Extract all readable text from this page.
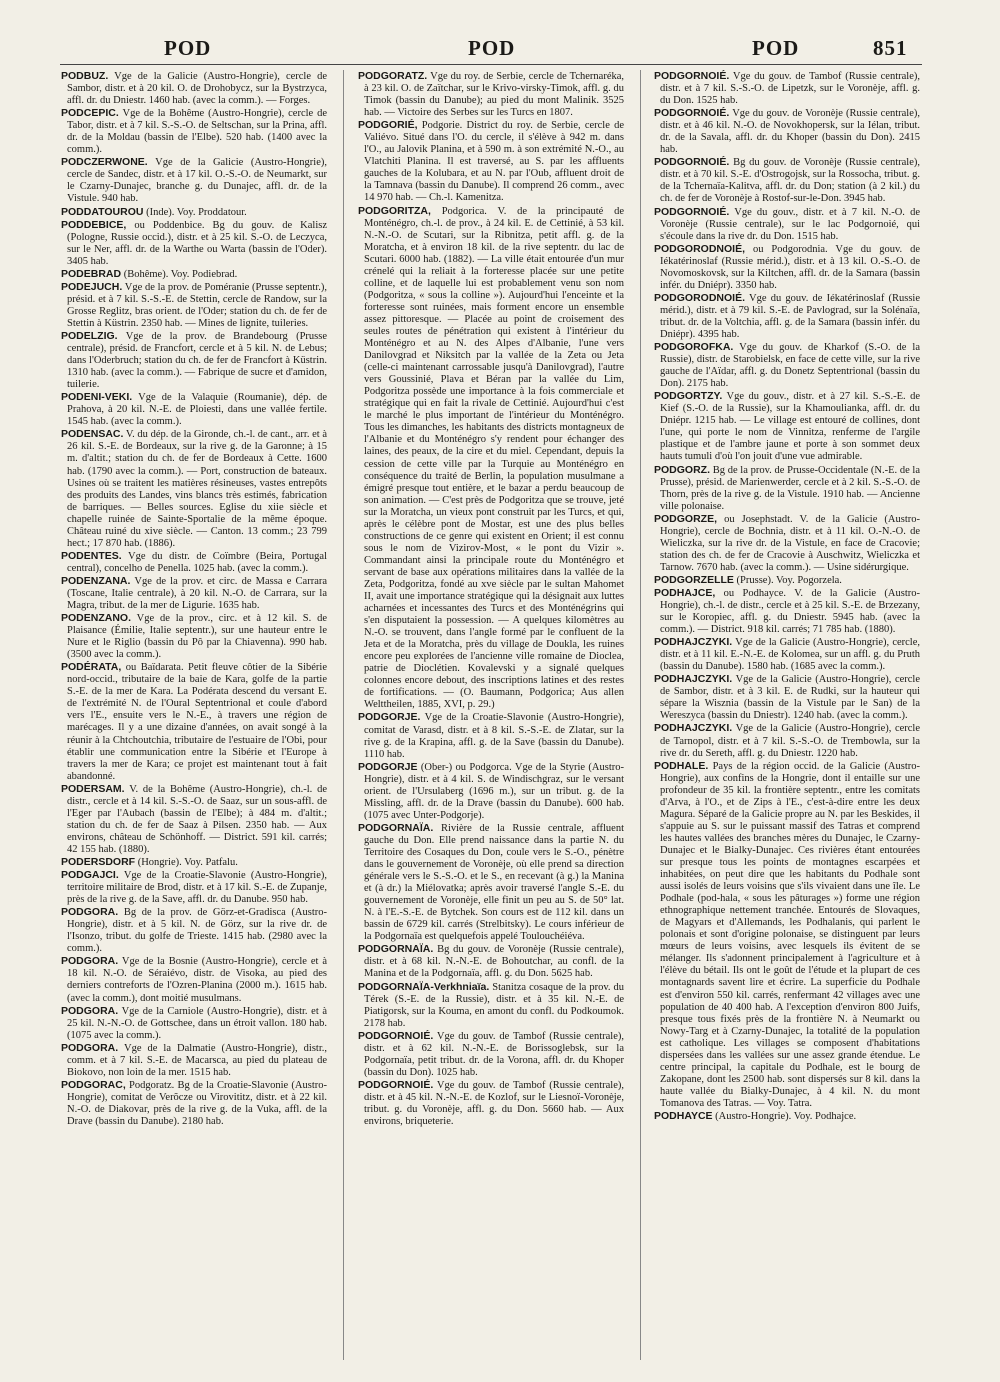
POD	POD	POD	851

PODBUZ. Vge de la Galicie (Austro-Hongrie), cercle de Sambor, distr. et à 20 kil. O. de Drohobycz, sur la Bystrzyca, affl. dr. du Dniestr. 1460 hab. (avec la comm.). — Forges.

PODCEPIC. Vge de la Bohême (Austro-Hongrie), cercle de Tabor, distr. et à 7 kil. S.-S.-O. de Seltschan, sur la Prina, affl. dr. de la Moldau (bassin de l'Elbe). 520 hab. (1400 avec la comm.).

PODCZERWONE. Vge de la Galicie (Austro-Hongrie), cercle de Sandec, distr. et à 17 kil. O.-S.-O. de Neumarkt, sur le Czarny-Dunajec, branche g. du Dunajec, affl. dr. de la Vistule. 940 hab.

PODDATOUROU (Inde). Voy. Proddatour.

PODDEBICE, ou Poddenbice. Bg du gouv. de Kalisz (Pologne, Russie occid.), distr. et à 25 kil. S.-O. de Leczyca, sur le Ner, affl. dr. de la Warthe ou Warta (bassin de l'Oder). 3405 hab.

PODEBRAD (Bohême). Voy. Podiebrad.

PODEJUCH. Vge de la prov. de Poméranie (Prusse septentr.), présid. et à 7 kil. S.-S.-E. de Stettin, cercle de Randow, sur la Grosse Reglitz, bras orient. de l'Oder; station du ch. de fer de Stettin à Küstrin. 2350 hab. — Mines de lignite, tuileries.

PODELZIG. Vge de la prov. de Brandebourg (Prusse centrale), présid. de Francfort, cercle et à 5 kil. N. de Lebus; dans l'Oderbruch; station du ch. de fer de Francfort à Küstrin. 1310 hab. (avec la comm.). — Fabrique de sucre et d'amidon, tuilerie.

PODENI-VEKI. Vge de la Valaquie (Roumanie), dép. de Prahova, à 20 kil. N.-E. de Ploiesti, dans une vallée fertile. 1545 hab. (avec la comm.).

PODENSAC. V. du dép. de la Gironde, ch.-l. de cant., arr. et à 26 kil. S.-E. de Bordeaux, sur la rive g. de la Garonne; à 15 m. d'altit.; station du ch. de fer de Bordeaux à Cette. 1600 hab. (1790 avec la comm.). — Port, construction de bateaux. Usines où se traitent les matières résineuses, vastes entrepôts des produits des Landes, vins blancs très estimés, fabrication de barriques. — Belles sources. Eglise du xiie siècle et chapelle ruinée de Sainte-Sportalie de la même époque. Château ruiné du xive siècle. — Canton. 13 comm.; 23 799 hect.; 17 870 hab. (1886).

PODENTES. Vge du distr. de Coïmbre (Beira, Portugal central), concelho de Penella. 1025 hab. (avec la comm.).

PODENZANA. Vge de la prov. et circ. de Massa e Carrara (Toscane, Italie centrale), à 20 kil. N.-O. de Carrara, sur la Magra, tribut. de la mer de Ligurie. 1635 hab.

PODENZANO. Vge de la prov., circ. et à 12 kil. S. de Plaisance (Émilie, Italie septentr.), sur une hauteur entre le Nure et le Riglio (bassin du Pô par la Chiavenna). 990 hab. (3500 avec la comm.).

PODÉRATA, ou Baïdarata. Petit fleuve côtier de la Sibérie nord-occid., tributaire de la baie de Kara, golfe de la partie S.-E. de la mer de Kara. La Podérata descend du versant E. de l'extrémité N. de l'Oural Septentrional et coule d'abord vers l'E., ensuite vers le N.-E., à travers une région de marécages. Il y a une dizaine d'années, on avait songé à la réunir à la Chtchoutchia, tributaire de l'estuaire de l'Obi, pour établir une communication entre la Sibérie et l'Europe à travers la mer de Kara; ce projet est maintenant tout à fait abandonné.

PODERSAM. V. de la Bohême (Austro-Hongrie), ch.-l. de distr., cercle et à 14 kil. S.-S.-O. de Saaz, sur un sous-affl. de l'Eger par l'Aubach (bassin de l'Elbe); à 484 m. d'altit.; station du ch. de fer de Saaz à Pilsen. 2350 hab. — Aux environs, château de Schönhoff. — District. 591 kil. carrés; 42 155 hab. (1880).

PODERSDORF (Hongrie). Voy. Patfalu.

PODGAJCI. Vge de la Croatie-Slavonie (Austro-Hongrie), territoire militaire de Brod, distr. et à 17 kil. S.-E. de Zupanje, près de la rive g. de la Save, affl. dr. du Danube. 950 hab.

PODGORA. Bg de la prov. de Görz-et-Gradisca (Austro-Hongrie), distr. et à 5 kil. N. de Görz, sur la rive dr. de l'Isonzo, tribut. du golfe de Trieste. 1415 hab. (2980 avec la comm.).

PODGORA. Vge de la Bosnie (Austro-Hongrie), cercle et à 18 kil. N.-O. de Séraiévo, distr. de Visoka, au pied des derniers contreforts de l'Ozren-Planina (2000 m.). 1615 hab. (avec la comm.), dont moitié musulmans.

PODGORA. Vge de la Carniole (Austro-Hongrie), distr. et à 25 kil. N.-N.-O. de Gottschee, dans un étroit vallon. 180 hab. (1075 avec la comm.).

PODGORA. Vge de la Dalmatie (Austro-Hongrie), distr., comm. et à 7 kil. S.-E. de Macarsca, au pied du plateau de Biokovo, non loin de la mer. 1515 hab.

PODGORAC, Podgoratz. Bg de la Croatie-Slavonie (Austro-Hongrie), comitat de Verõcze ou Virovititz, distr. et à 22 kil. N.-O. de Diakovar, près de la rive g. de la Vuka, affl. de la Drave (bassin du Danube). 2180 hab.

PODGORATZ. Vge du roy. de Serbie, cercle de Tchernaréka, à 23 kil. O. de Zaïtchar, sur le Krivo-virsky-Timok, affl. g. du Timok (bassin du Danube); au pied du mont Malinik. 3525 hab. — Victoire des Serbes sur les Turcs en 1807.

PODGORIÉ, Podgorie. District du roy. de Serbie, cercle de Valiévo. Situé dans l'O. du cercle, il s'élève à 942 m. dans l'O., au Jalovik Planina, et à 590 m. à son extrémité N.-O., au Vlatchiti Planina. Il est traversé, au S. par les affluents gauches de la Kolubara, et au N. par l'Oub, affluent droit de la Tamnava (bassin du Danube). Il comprend 26 comm., avec 14 970 hab. — Ch.-l. Kamenitza.

PODGORITZA, Podgorica. V. de la principauté de Monténégro, ch.-l. de prov., à 24 kil. E. de Cettinié, à 53 kil. N.-N.-O. de Scutari, sur la Ribnitza, petit affl. g. de la Moratcha, et à environ 18 kil. de la rive septentr. du lac de Scutari. 6000 hab. (1882). — La ville était entourée d'un mur crénelé qui la reliait à la forteresse placée sur une petite colline, et de laquelle lui est probablement venu son nom (Podgoritza, « sous la colline »). Aujourd'hui l'enceinte et la forteresse sont ruinées, mais forment encore un ensemble assez pittoresque. — Placée au point de croisement des seules routes de pénétration qui existent à l'intérieur du Monténégro et au N. des Alpes d'Albanie, l'une vers Danilovgrad et Niksitch par la vallée de la Zeta ou Jeta (celle-ci maintenant carrossable jusqu'à Danilovgrad), l'autre vers Goussinié, Plava et Béran par la vallée du Lim, Podgoritza possède une importance à la fois commerciale et stratégique qui en fait la rivale de Cettinié. Aujourd'hui c'est le marché le plus important de l'intérieur du Monténégro. Tous les dimanches, les habitants des districts montagneux de l'Albanie et du Monténégro s'y rendent pour échanger des laines, des peaux, de la cire et du miel. Cependant, depuis la cession de cette ville par la Turquie au Monténégro en conséquence du traité de Berlin, la population musulmane a émigré presque tout entière, et le bazar a perdu beaucoup de son animation. — C'est près de Podgoritza que se trouve, jeté sur la Moratcha, un vieux pont construit par les Turcs, et qui, après le célèbre pont de Mostar, est une des plus belles constructions de ce genre qui existent en Orient; il est connu sous le nom de Vizirov-Most, « le pont du Vizir ». Commandant ainsi la principale route du Monténégro et servant de base aux opérations militaires dans la vallée de la Zeta, Podgoritza, fondé au xve siècle par le sultan Mahomet II, avait une importance stratégique qui la désignait aux luttes acharnées et incessantes des Turcs et des Monténégrins qui s'en disputaient la possession. — A quelques kilomètres au N.-O. se trouvent, dans l'angle formé par le confluent de la Jeta et de la Moratcha, près du village de Doukla, les ruines encore peu explorées de l'ancienne ville romaine de Dioclea, patrie de Dioclétien. Kovalevski y a signalé quelques colonnes encore debout, des inscriptions latines et des restes de fortifications. — (O. Baumann, Podgorica; Aus allen Welttheilen, 1885, XVI, p. 29.)

PODGORJE. Vge de la Croatie-Slavonie (Austro-Hongrie), comitat de Varasd, distr. et à 8 kil. S.-S.-E. de Zlatar, sur la rive g. de la Krapina, affl. g. de la Save (bassin du Danube). 1110 hab.

PODGORJE (Ober-) ou Podgorca. Vge de la Styrie (Austro-Hongrie), distr. et à 4 kil. S. de Windischgraz, sur le versant orient. de l'Ursulaberg (1696 m.), sur un tribut. g. de la Missling, affl. dr. de la Drave (bassin du Danube). 600 hab. (1075 avec Unter-Podgorje).

PODGORNAÏA. Rivière de la Russie centrale, affluent gauche du Don. Elle prend naissance dans la partie N. du Territoire des Cosaques du Don, coule vers le S.-O., pénètre dans le gouvernement de Voronèje, où elle prend sa direction générale vers le S.-S.-O. et le S., en recevant (à g.) la Manina et (à dr.) la Miélovatka; après avoir traversé l'angle S.-E. du gouvernement de Voronèje, elle finit un peu au S. de 50° lat. N. à l'E.-S.-E. de Bytchek. Son cours est de 112 kil. dans un bassin de 6729 kil. carrés (Strelbitsky). Le cours inférieur de la Podgornaïa est quelquefois appelé Toulouchéiéva.

PODGORNAÏA. Bg du gouv. de Voronèje (Russie centrale), distr. et à 68 kil. N.-N.-E. de Bohoutchar, au confl. de la Manina et de la Podgornaïa, affl. g. du Don. 5625 hab.

PODGORNAÏA-Verkhniaïa. Stanitza cosaque de la prov. du Térek (S.-E. de la Russie), distr. et à 35 kil. N.-E. de Piatigorsk, sur la Kouma, en amont du confl. du Podkoumok. 2178 hab.

PODGORNOIÉ. Vge du gouv. de Tambof (Russie centrale), distr. et à 62 kil. N.-N.-E. de Borissoglebsk, sur la Podgornaïa, petit tribut. dr. de la Vorona, affl. dr. du Khoper (bassin du Don). 1025 hab.

PODGORNOIÉ. Vge du gouv. de Tambof (Russie centrale), distr. et à 45 kil. N.-N.-E. de Kozlof, sur le Liesnoï-Voronèje, tribut. g. du Voronèje, affl. g. du Don. 5660 hab. — Aux environs, briqueterie.

PODGORNOIÉ. Vge du gouv. de Tambof (Russie centrale), distr. et à 7 kil. S.-S.-O. de Lipetzk, sur le Voronèje, affl. g. du Don. 1525 hab.

PODGORNOIÉ. Vge du gouv. de Voronèje (Russie centrale), distr. et à 46 kil. N.-O. de Novokhopersk, sur la Iélan, tribut. dr. de la Savala, affl. dr. du Khoper (bassin du Don). 2415 hab.

PODGORNOIÉ. Bg du gouv. de Voronèje (Russie centrale), distr. et à 70 kil. S.-E. d'Ostrogojsk, sur la Rossocha, tribut. g. de la Tchernaïa-Kalitva, affl. dr. du Don; station (à 2 kil.) du ch. de fer de Voronèje à Rostof-sur-le-Don. 3945 hab.

PODGORNOIÉ. Vge du gouv., distr. et à 7 kil. N.-O. de Voronèje (Russie centrale), sur le lac Podgornoié, qui s'écoule dans la rive dr. du Don. 1515 hab.

PODGORODNOIÉ, ou Podgorodnia. Vge du gouv. de Iékatérinoslaf (Russie mérid.), distr. et à 13 kil. O.-S.-O. de Novomoskovsk, sur la Kiltchen, affl. dr. de la Samara (bassin infér. du Dniépr). 3350 hab.

PODGORODNOIÉ. Vge du gouv. de Iékatérinoslaf (Russie mérid.), distr. et à 79 kil. S.-E. de Pavlograd, sur la Solénaïa, tribut. dr. de la Voltchia, affl. g. de la Samara (bassin infér. du Dniépr). 4395 hab.

PODGOROFKA. Vge du gouv. de Kharkof (S.-O. de la Russie), distr. de Starobielsk, en face de cette ville, sur la rive gauche de l'Aïdar, affl. g. du Donetz Septentrional (bassin du Don). 2175 hab.

PODGORTZY. Vge du gouv., distr. et à 27 kil. S.-S.-E. de Kief (S.-O. de la Russie), sur la Khamoulianka, affl. dr. du Dniépr. 1215 hab. — Le village est entouré de collines, dont l'une, qui porte le nom de Vinnitza, renferme de l'argile plastique et de l'ambre jaune et porte à son sommet deux hauts tumuli d'où l'on jouit d'une vue admirable.

PODGORZ. Bg de la prov. de Prusse-Occidentale (N.-E. de la Prusse), présid. de Marienwerder, cercle et à 2 kil. S.-S.-O. de Thorn, près de la rive g. de la Vistule. 1910 hab. — Ancienne ville polonaise.

PODGORZE, ou Josephstadt. V. de la Galicie (Austro-Hongrie), cercle de Bochnia, distr. et à 11 kil. O.-N.-O. de Wieliczka, sur la rive dr. de la Vistule, en face de Cracovie; station des ch. de fer de Cracovie à Auschwitz, Wieliczka et Tarnow. 7670 hab. (avec la comm.). — Usine sidérurgique.

PODGORZELLE (Prusse). Voy. Pogorzela.

PODHAJCE, ou Podhayce. V. de la Galicie (Austro-Hongrie), ch.-l. de distr., cercle et à 25 kil. S.-E. de Brzezany, sur le Koropiec, affl. g. du Dniestr. 5945 hab. (avec la comm.). — District. 918 kil. carrés; 71 785 hab. (1880).

PODHAJCZYKI. Vge de la Galicie (Austro-Hongrie), cercle, distr. et à 11 kil. E.-N.-E. de Kolomea, sur un affl. g. du Pruth (bassin du Danube). 1580 hab. (1685 avec la comm.).

PODHAJCZYKI. Vge de la Galicie (Austro-Hongrie), cercle de Sambor, distr. et à 3 kil. E. de Rudki, sur la hauteur qui sépare la Wisznia (bassin de la Vistule par le San) de la Wereszyca (bassin du Dniestr). 1240 hab. (avec la comm.).

PODHAJCZYKI. Vge de la Galicie (Austro-Hongrie), cercle de Tarnopol, distr. et à 7 kil. S.-S.-O. de Trembowla, sur la rive dr. du Sereth, affl. g. du Dniestr. 1220 hab.

PODHALE. Pays de la région occid. de la Galicie (Austro-Hongrie), aux confins de la Hongrie, dont il entaille sur une profondeur de 35 kil. la frontière septentr., entre les comitats d'Arva, à l'O., et de Zips à l'E., c'est-à-dire entre les deux Magura. Séparé de la Galicie propre au N. par les Beskides, il s'appuie au S. sur le puissant massif des Tatras et comprend les hautes vallées des branches mères du Dunajec, le Czarny-Dunajec et le Bialky-Dunajec. Ces rivières étant entourées sur presque tous les points de montagnes escarpées et inhabitées, on peut dire que les habitants du Podhale sont aussi isolés de leurs voisins que s'ils vivaient dans une île. Le Podhale (pod-hala, « sous les pâturages ») forme une région ethnographique nettement tranchée. Entourés de Slovaques, de Magyars et d'Allemands, les Podhalanis, qui parlent le polonais et sont d'origine polonaise, se distinguent par leurs mœurs de leurs voisins, avec lesquels ils évitent de se mélanger. Ils s'adonnent principalement à l'agriculture et à l'élève du bétail. Ils ont le goût de l'étude et la plupart de ces montagnards savent lire et écrire. La superficie du Podhale est d'environ 550 kil. carrés, renfermant 42 villages avec une population de 40 400 hab. A l'exception d'environ 800 Juifs, presque tous fixés près de la frontière N. à Neumarkt ou Nowy-Targ et à Czarny-Dunajec, la totalité de la population est catholique. Les villages se composent d'habitations dispersées dans les vallées sur une assez grande étendue. Le centre principal, la capitale du Podhale, est le bourg de Zakopane, dont les 2500 hab. sont dispersés sur 8 kil. dans la haute vallée du Bialky-Dunajec, à 4 kil. N. du mont Tomanova des Tatras. — Voy. Tatra.

PODHAYCE (Austro-Hongrie). Voy. Podhajce.
